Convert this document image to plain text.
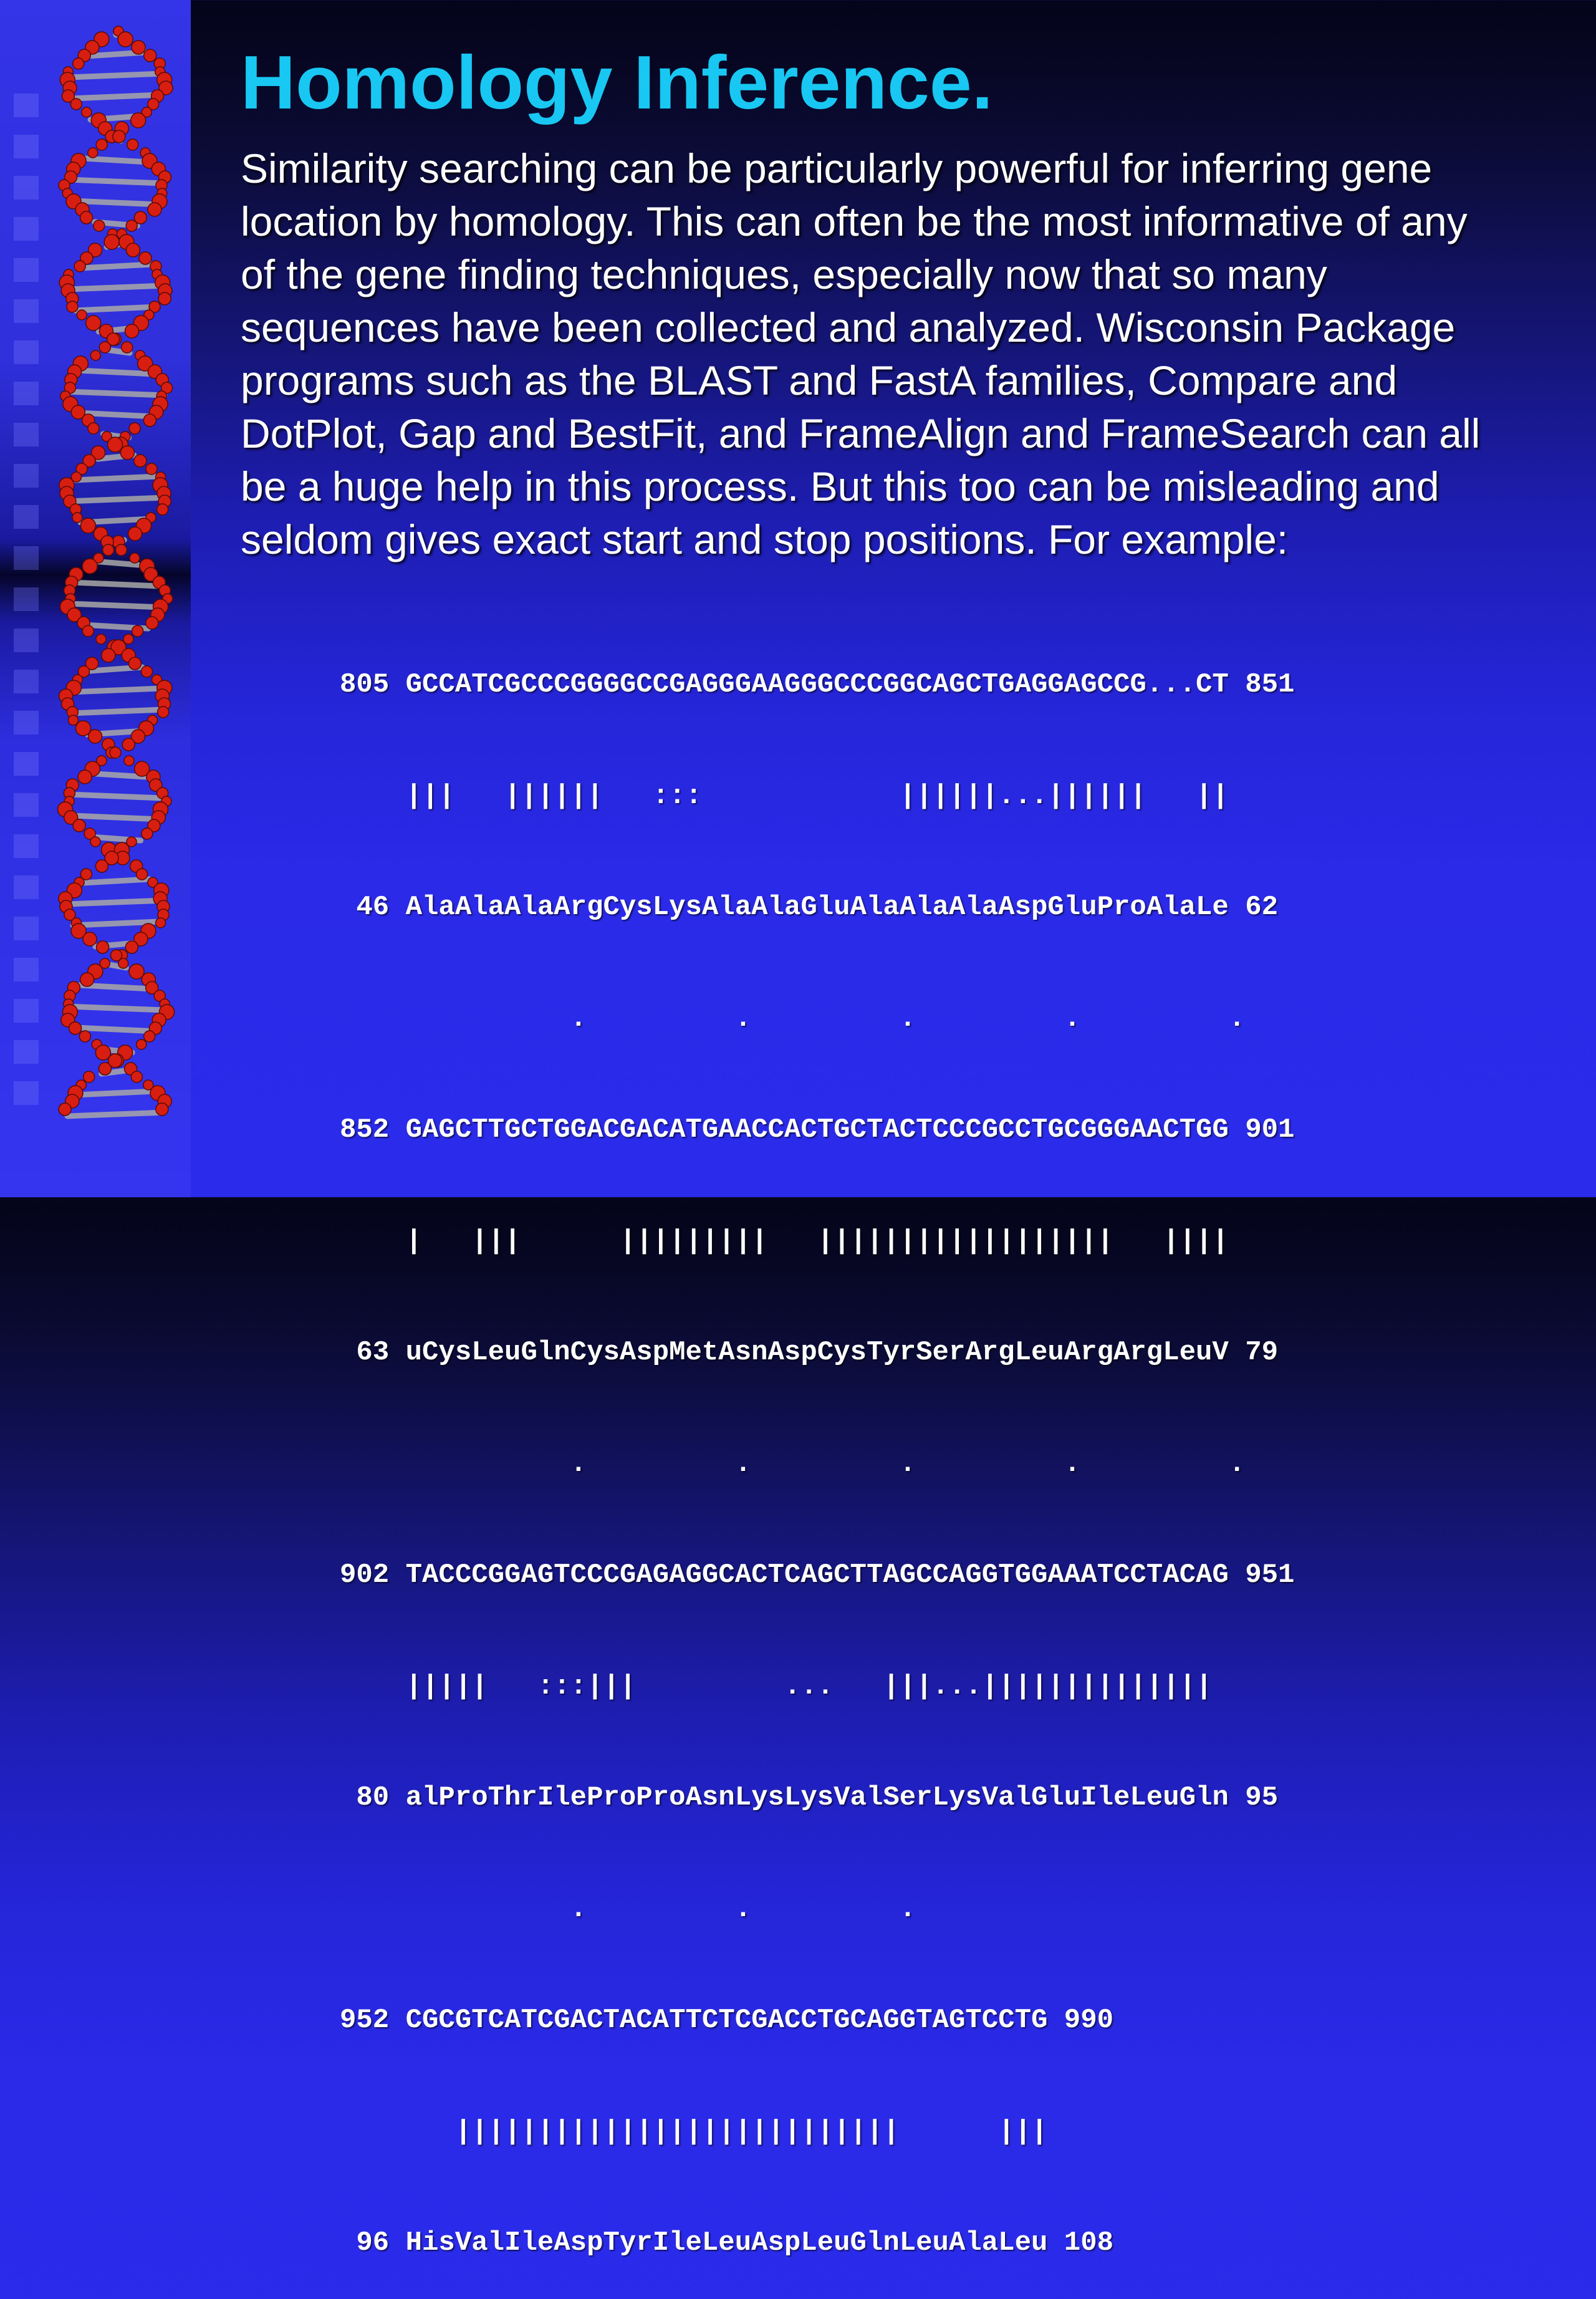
Homology Inference.
Similarity searching can be particularly powerful for inferring gene
location by homology. This can often be the most informative of any
of the gene finding techniques, especially now that so many
sequences have been collected and analyzed. Wisconsin Package
programs such as the BLAST and FastA families, Compare and
DotPlot, Gap and BestFit, and FrameAlign and FrameSearch can all
be a huge help in this process. But this too can be misleading and
seldom gives exact start and stop positions. For example:

805 GCCATCGCCCGGGGCCGAGGGAAGGGCCCGGCAGCTGAGGAGCCG...CT 851

|||   ||||||   :::            ||||||...||||||   ||

46 AlaAlaAlaArgCysLysAlaAlaGluAlaAlaAlaAspGluProAlaLe 62

.         .         .         .         .

852 GAGCTTGCTGGACGACATGAACCACTGCTACTCCCGCCTGCGGGAACTGG 901

|   |||      |||||||||   ||||||||||||||||||   ||||

63 uCysLeuGlnCysAspMetAsnAspCysTyrSerArgLeuArgArgLeuV 79

.         .         .         .         .

902 TACCCGGAGTCCCGAGAGGCACTCAGCTTAGCCAGGTGGAAATCCTACAG 951

|||||   :::|||         ...   |||...||||||||||||||

80 alProThrIleProProAsnLysLysValSerLysValGluIleLeuGln 95

.         .         .

952 CGCGTCATCGACTACATTCTCGACCTGCAGGTAGTCCTG 990

|||||||||||||||||||||||||||      |||

96 HisValIleAspTyrIleLeuAspLeuGlnLeuAlaLeu 108
